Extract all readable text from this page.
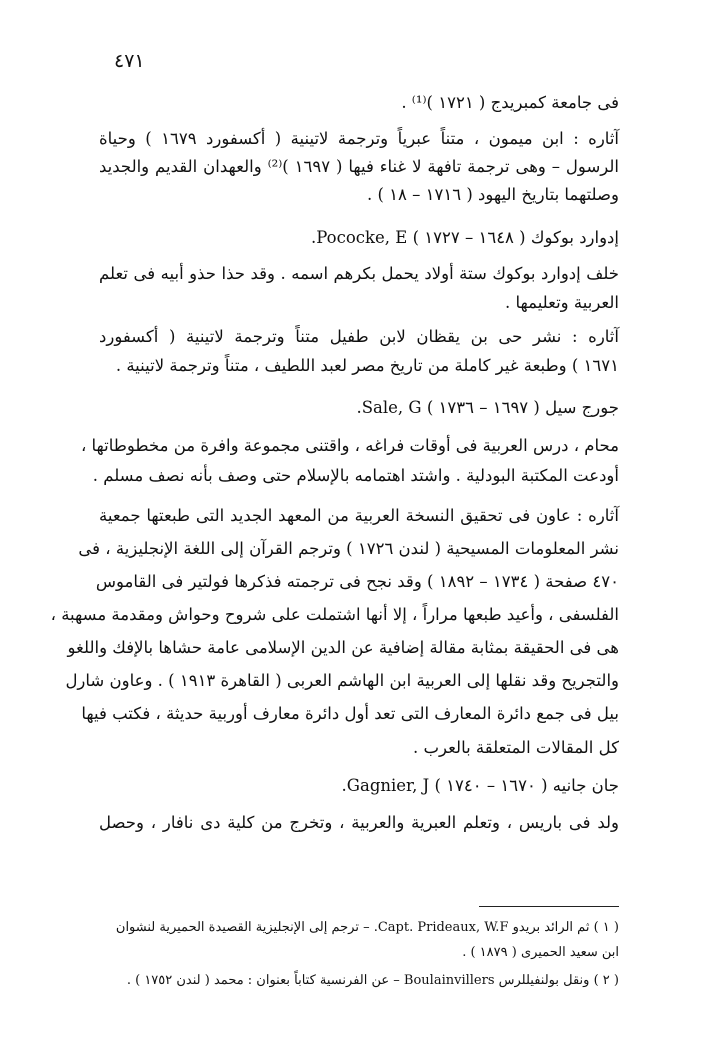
٤٧١
فى جامعة كمبريدج ( ١٧٢١ )⁽¹⁾ .
آثاره : ابن ميمون ، متناً عبرياً وترجمة لاتينية ( أكسفورد ١٦٧٩ ) وحياة
الرسول – وهى ترجمة تافهة لا غناء فيها ( ١٦٩٧ )⁽²⁾ والعهدان القديم والجديد
وصلتهما بتاريخ اليهود ( ١٧١٦ – ١٨ ) .
إدوارد بوكوك ( ١٦٤٨ – ١٧٢٧ ) Pococke, E.
خلف إدوارد بوكوك ستة أولاد يحمل بكرهم اسمه . وقد حذا حذو أبيه فى تعلم
العربية وتعليمها .
آثاره : نشر حى بن يقظان لابن طفيل متناً وترجمة لاتينية ( أكسفورد
١٦٧١ ) وطبعة غير كاملة من تاريخ مصر لعبد اللطيف ، متناً وترجمة لاتينية .
جورج سيل ( ١٦٩٧ – ١٧٣٦ ) Sale, G.
محام ، درس العربية فى أوقات فراغه ، واقتنى مجموعة وافرة من مخطوطاتها ،
أودعت المكتبة البودلية . واشتد اهتمامه بالإسلام حتى وصف بأنه نصف مسلم .
آثاره : عاون فى تحقيق النسخة العربية من المعهد الجديد التى طبعتها جمعية
نشر المعلومات المسيحية ( لندن ١٧٢٦ ) وترجم القرآن إلى اللغة الإنجليزية ، فى
٤٧٠ صفحة ( ١٧٣٤ – ١٨٩٢ ) وقد نجح فى ترجمته فذكرها فولتير فى القاموس
الفلسفى ، وأعيد طبعها مراراً ، إلا أنها اشتملت على شروح وحواش ومقدمة مسهبة ،
هى فى الحقيقة بمثابة مقالة إضافية عن الدين الإسلامى عامة حشاها بالإفك واللغو
والتجريح وقد نقلها إلى العربية ابن الهاشم العربى ( القاهرة ١٩١٣ ) . وعاون شارل
بيل فى جمع دائرة المعارف التى تعد أول دائرة معارف أوربية حديثة ، فكتب فيها
كل المقالات المتعلقة بالعرب .
جان جانيه ( ١٦٧٠ – ١٧٤٠ ) Gagnier, J.
ولد فى باريس ، وتعلم العبرية والعربية ، وتخرج من كلية دى نافار ، وحصل
( ١ ) ثم الرائد بريدو Capt. Prideaux, W.F. – ترجم إلى الإنجليزية القصيدة الحميرية لنشوان
ابن سعيد الحميرى ( ١٨٧٩ ) .
( ٢ ) ونقل بولنفيللرس Boulainvillers – عن الفرنسية كتاباً بعنوان : محمد ( لندن ١٧٥٢ ) .
